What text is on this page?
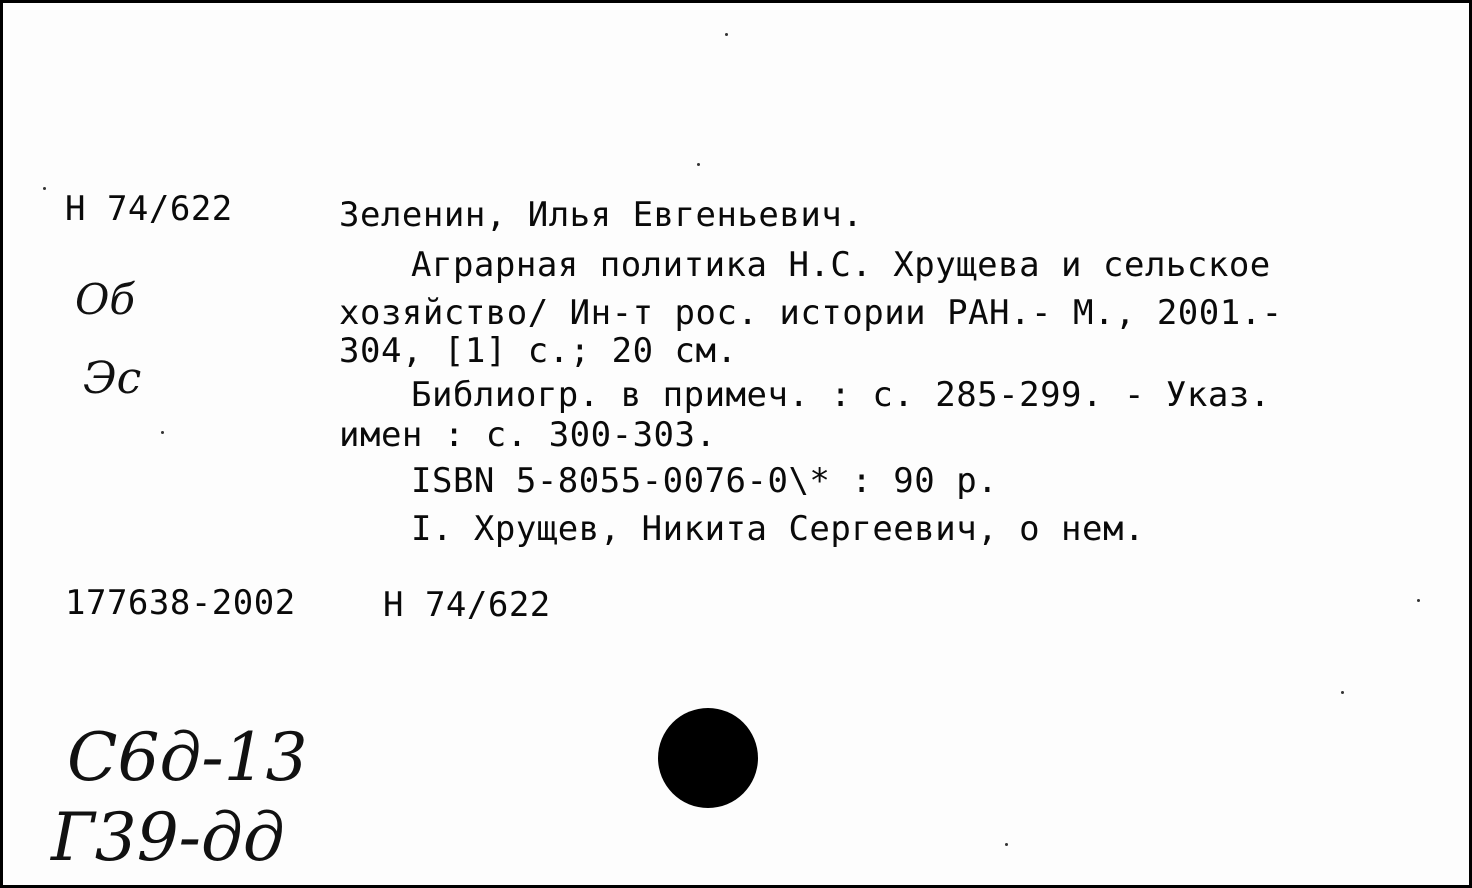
Н 74/622	Зеленин, Илья Евгеньевич.
Аграрная политика Н.С. Хрущева и сельское
хозяйство/ Ин-т рос. истории РАН.- М., 2001.-
304, [1] с.; 20 см.
Библиогр. в примеч. : с. 285-299. - Указ.
имен : с. 300-303.
ISBN 5-8055-0076-0\* : 90 р.
I. Хрущев, Никита Сергеевич, о нем.
177638-2002	Н 74/622
Об
Эс
С6д-13
Г39-дд
